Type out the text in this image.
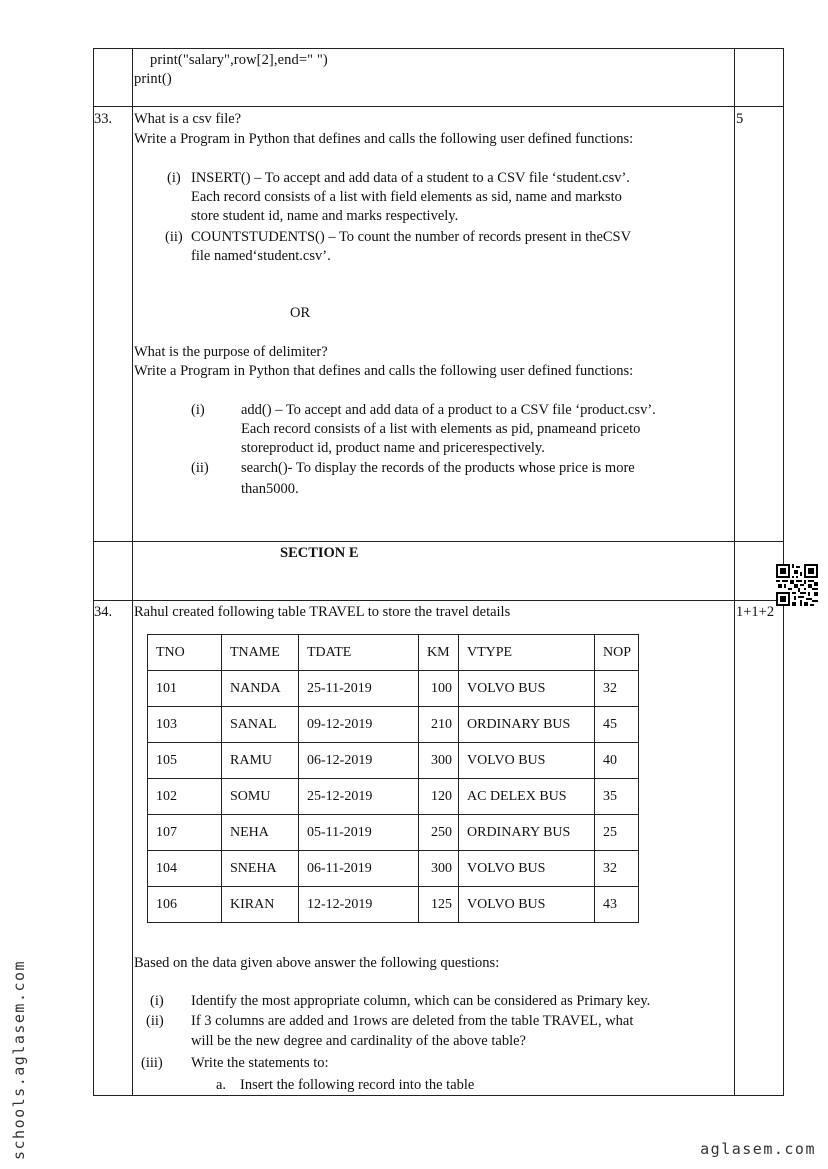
print("salary",row[2],end=" ")
print()
33.	5
What is a csv file?
Write a Program in Python that defines and calls the following user defined functions:
(i) INSERT() – To accept and add data of a student to a CSV file ‘student.csv’.
Each record consists of a list with field elements as sid, name and marksto
store student id, name and marks respectively.
(ii) COUNTSTUDENTS() – To count the number of records present in theCSV
file named‘student.csv’.
OR
What is the purpose of delimiter?
Write a Program in Python that defines and calls the following user defined functions:
(i)	add() – To accept and add data of a product to a CSV file ‘product.csv’.
Each record consists of a list with elements as pid, pnameand priceto
storeproduct id, product name and pricerespectively.
(ii) search()- To display the records of the products whose price is more
than5000.
SECTION E
34.	1+1+2
Rahul created following table TRAVEL to store the travel details
TNO	TNAME	TDATE	KM	VTYPE	NOP
101	NANDA	25-11-2019	100	VOLVO BUS	32
103	SANAL	09-12-2019	210	ORDINARY BUS	45
105	RAMU	06-12-2019	300	VOLVO BUS	40
102	SOMU	25-12-2019	120	AC DELEX BUS	35
107	NEHA	05-11-2019	250	ORDINARY BUS	25
104	SNEHA	06-11-2019	300	VOLVO BUS	32
106	KIRAN	12-12-2019	125	VOLVO BUS	43
Based on the data given above answer the following questions:
(i) Identify the most appropriate column, which can be considered as Primary key.
(ii) If 3 columns are added and 1rows are deleted from the table TRAVEL, what
will be the new degree and cardinality of the above table?
(iii) Write the statements to:
a. Insert the following record into the table
schools.aglasem.com	aglasem.com
